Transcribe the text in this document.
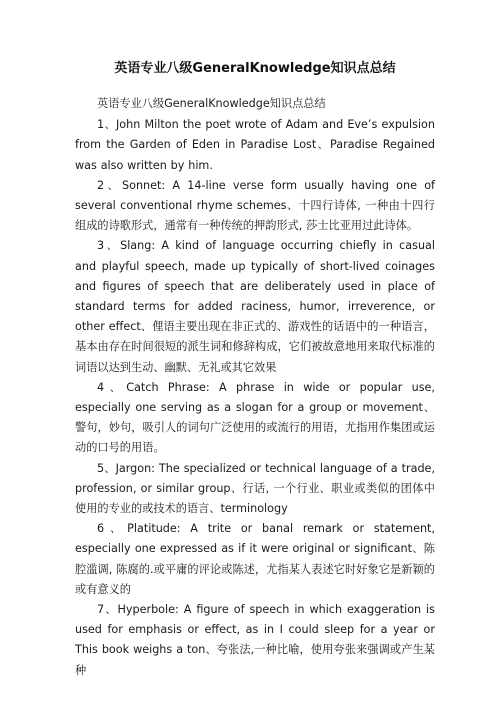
英语专业八级GeneralKnowledge知识点总结

英语专业八级GeneralKnowledge知识点总结

1、John Milton the poet wrote of Adam and Eve’s expulsion from the Garden of Eden in Paradise Lost、Paradise Regained was also written by him.

2、Sonnet: A 14-line verse form usually having one of several conventional rhyme schemes、十四行诗体, 一种由十四行组成的诗歌形式，通常有一种传统的押韵形式, 莎士比亚用过此诗体。

3、Slang: A kind of language occurring chiefly in casual and playful speech, made up typically of short-lived coinages and figures of speech that are deliberately used in place of standard terms for added raciness, humor, irreverence, or other effect、俚语主要出现在非正式的、游戏性的话语中的一种语言，基本由存在时间很短的派生词和修辞构成，它们被故意地用来取代标准的词语以达到生动、幽默、无礼或其它效果

4、Catch Phrase: A phrase in wide or popular use, especially one serving as a slogan for a group or movement、警句，妙句，吸引人的词句广泛使用的或流行的用语，尤指用作集团或运动的口号的用语。

5、Jargon: The specialized or technical language of a trade, profession, or similar group、行话, 一个行业、职业或类似的团体中使用的专业的或技术的语言、terminology

6、Platitude: A trite or banal remark or statement, especially one expressed as if it were original or significant、陈腔滥调, 陈腐的.或平庸的评论或陈述，尤指某人表述它时好象它是新颖的或有意义的

7、Hyperbole: A figure of speech in which exaggeration is used for emphasis or effect, as in I could sleep for a year or This book weighs a ton、夸张法,一种比喻，使用夸张来强调或产生某种
